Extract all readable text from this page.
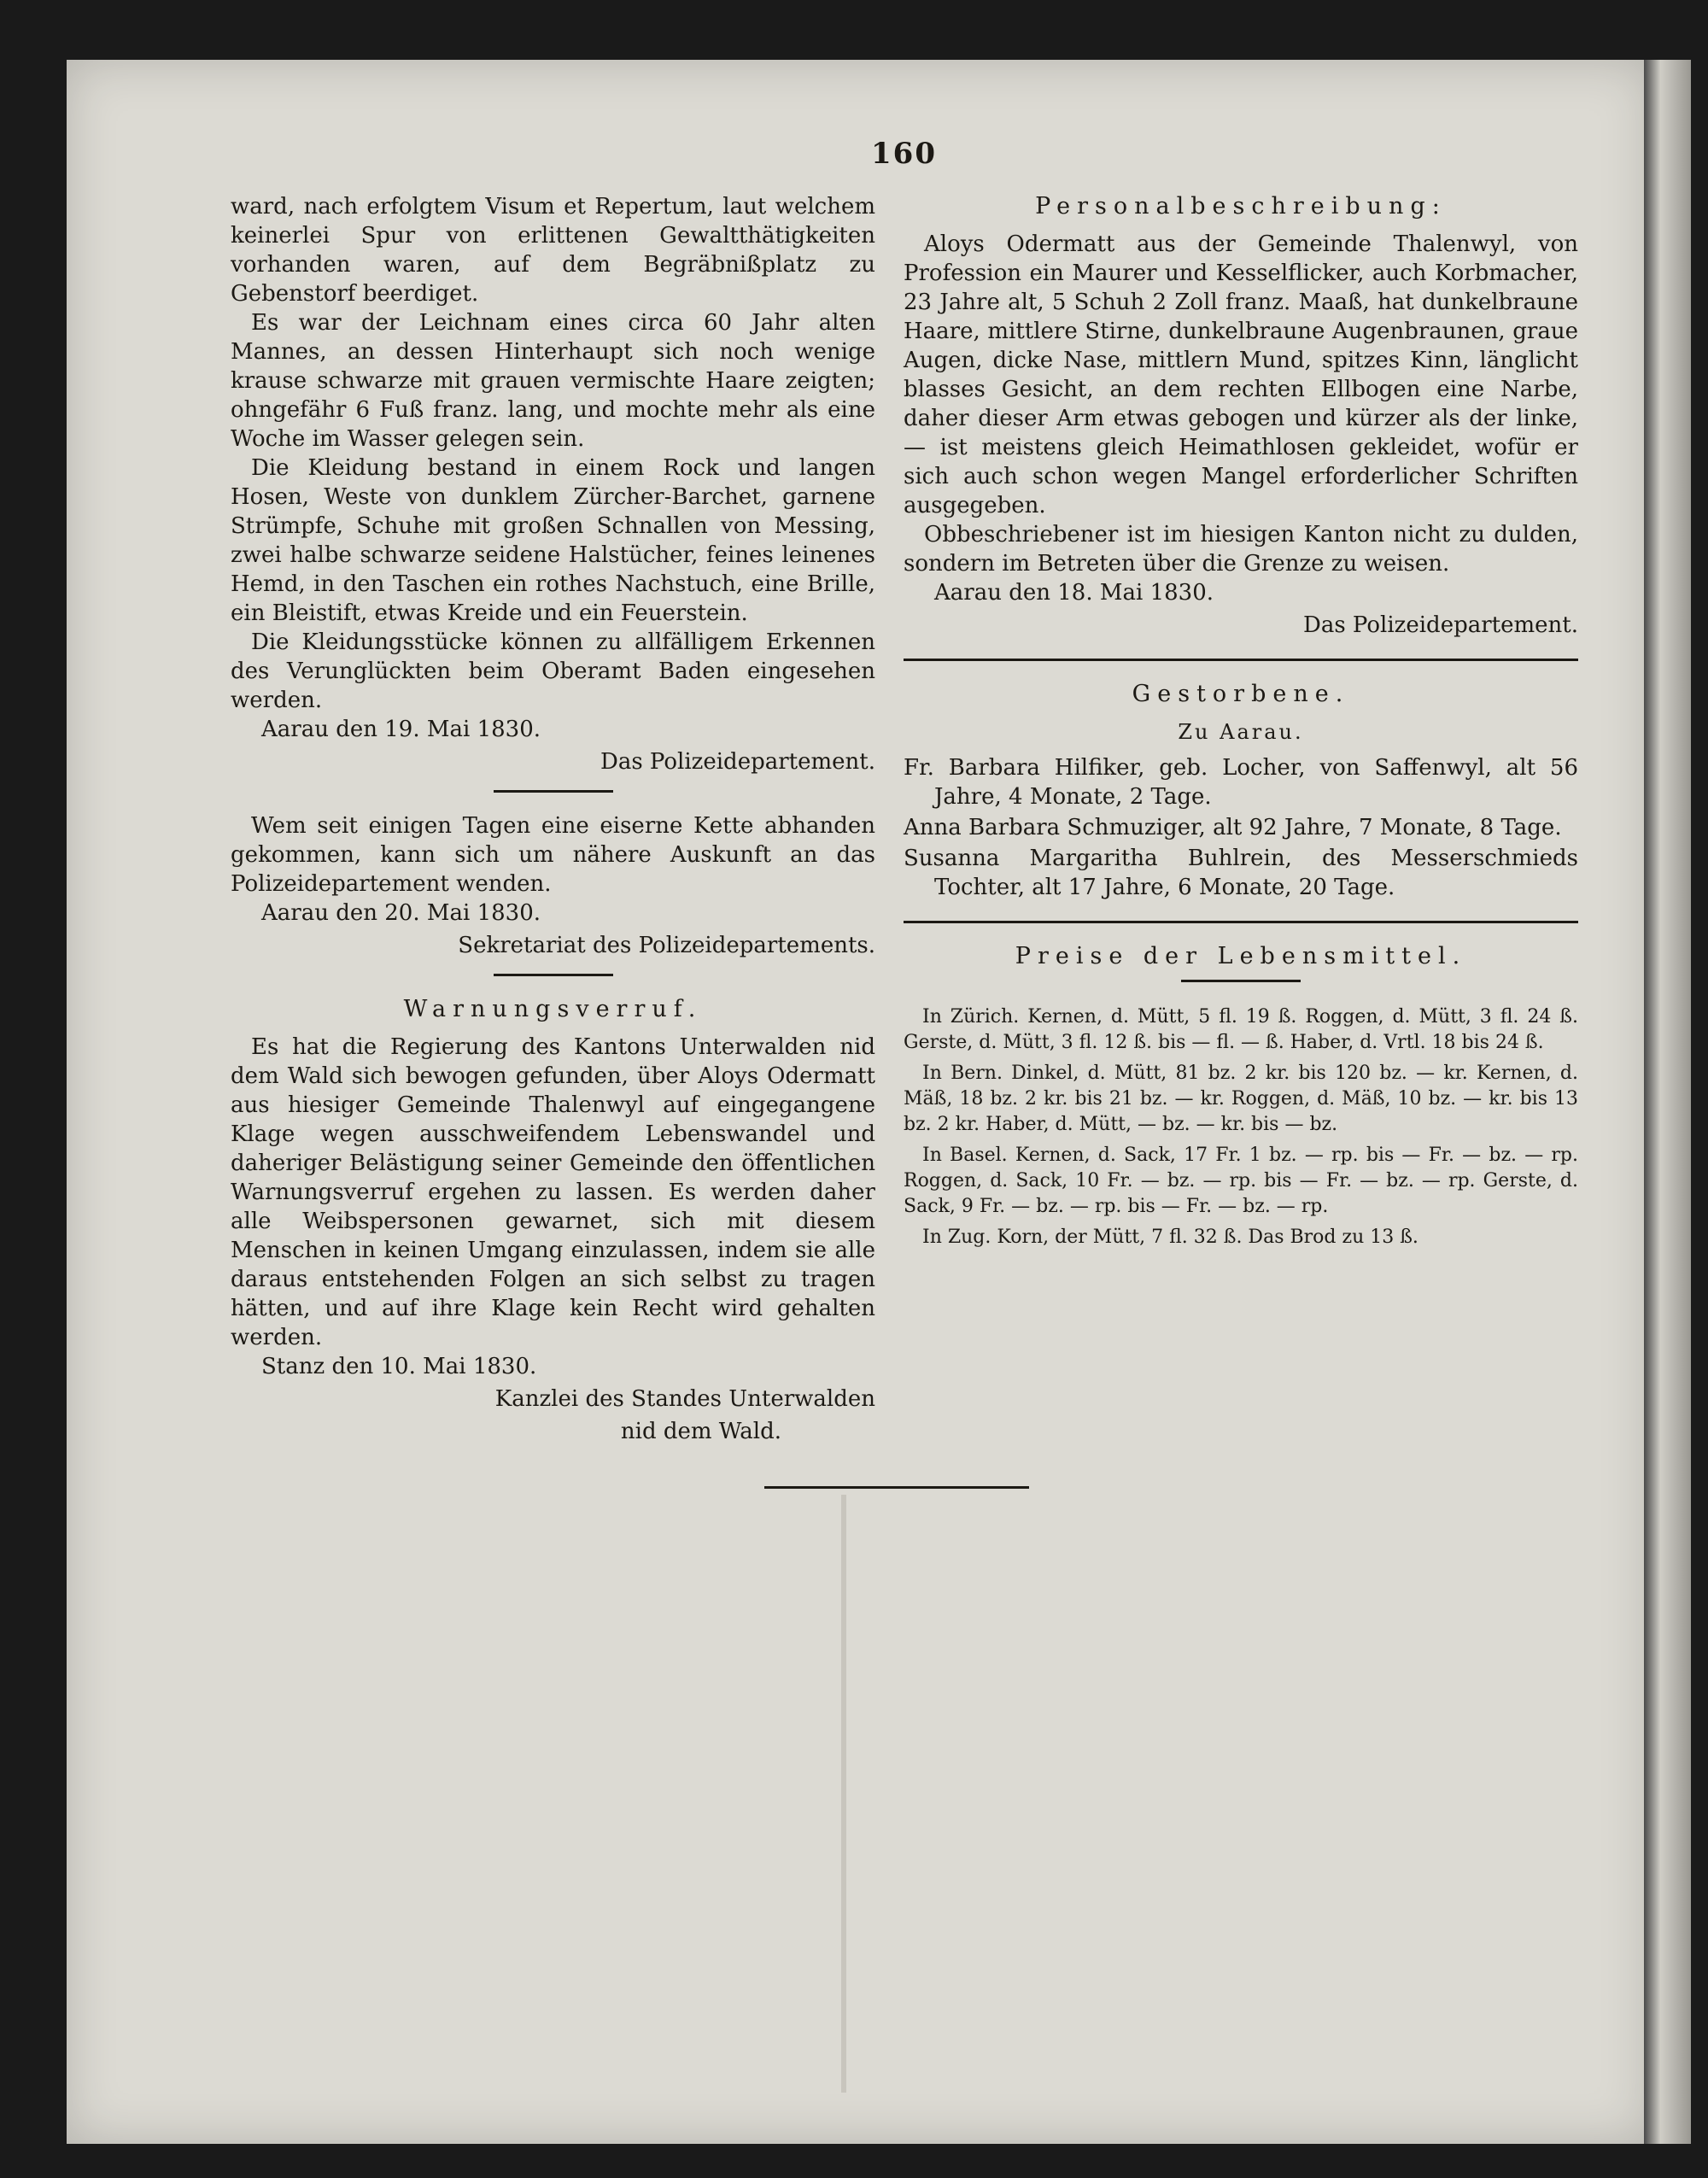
160

ward, nach erfolgtem Visum et Repertum, laut welchem keinerlei Spur von erlittenen Gewaltthätigkeiten vorhanden waren, auf dem Begräbnißplatz zu Gebenstorf beerdiget.

Es war der Leichnam eines circa 60 Jahr alten Mannes, an dessen Hinterhaupt sich noch wenige krause schwarze mit grauen vermischte Haare zeigten; ohngefähr 6 Fuß franz. lang, und mochte mehr als eine Woche im Wasser gelegen sein.

Die Kleidung bestand in einem Rock und langen Hosen, Weste von dunklem Zürcher-Barchet, garnene Strümpfe, Schuhe mit großen Schnallen von Messing, zwei halbe schwarze seidene Halstücher, feines leinenes Hemd, in den Taschen ein rothes Nachstuch, eine Brille, ein Bleistift, etwas Kreide und ein Feuerstein.

Die Kleidungsstücke können zu allfälligem Erkennen des Verunglückten beim Oberamt Baden eingesehen werden.

Aarau den 19. Mai 1830.

Das Polizeidepartement.

Wem seit einigen Tagen eine eiserne Kette abhanden gekommen, kann sich um nähere Auskunft an das Polizeidepartement wenden.

Aarau den 20. Mai 1830.

Sekretariat des Polizeidepartements.

Warnungsverruf.

Es hat die Regierung des Kantons Unterwalden nid dem Wald sich bewogen gefunden, über Aloys Odermatt aus hiesiger Gemeinde Thalenwyl auf eingegangene Klage wegen ausschweifendem Lebenswandel und daheriger Belästigung seiner Gemeinde den öffentlichen Warnungsverruf ergehen zu lassen. Es werden daher alle Weibspersonen gewarnet, sich mit diesem Menschen in keinen Umgang einzulassen, indem sie alle daraus entstehenden Folgen an sich selbst zu tragen hätten, und auf ihre Klage kein Recht wird gehalten werden.

Stanz den 10. Mai 1830.

Kanzlei des Standes Unterwalden

nid dem Wald.

Personalbeschreibung:

Aloys Odermatt aus der Gemeinde Thalenwyl, von Profession ein Maurer und Kesselflicker, auch Korbmacher, 23 Jahre alt, 5 Schuh 2 Zoll franz. Maaß, hat dunkelbraune Haare, mittlere Stirne, dunkelbraune Augenbraunen, graue Augen, dicke Nase, mittlern Mund, spitzes Kinn, länglicht blasses Gesicht, an dem rechten Ellbogen eine Narbe, daher dieser Arm etwas gebogen und kürzer als der linke, — ist meistens gleich Heimathlosen gekleidet, wofür er sich auch schon wegen Mangel erforderlicher Schriften ausgegeben.

Obbeschriebener ist im hiesigen Kanton nicht zu dulden, sondern im Betreten über die Grenze zu weisen.

Aarau den 18. Mai 1830.

Das Polizeidepartement.

Gestorbene.
Zu Aarau.

Fr. Barbara Hilfiker, geb. Locher, von Saffenwyl, alt 56 Jahre, 4 Monate, 2 Tage.

Anna Barbara Schmuziger, alt 92 Jahre, 7 Monate, 8 Tage.

Susanna Margaritha Buhlrein, des Messerschmieds Tochter, alt 17 Jahre, 6 Monate, 20 Tage.

Preise der Lebensmittel.

In Zürich. Kernen, d. Mütt, 5 fl. 19 ß. Roggen, d. Mütt, 3 fl. 24 ß. Gerste, d. Mütt, 3 fl. 12 ß. bis — fl. — ß. Haber, d. Vrtl. 18 bis 24 ß.

In Bern. Dinkel, d. Mütt, 81 bz. 2 kr. bis 120 bz. — kr. Kernen, d. Mäß, 18 bz. 2 kr. bis 21 bz. — kr. Roggen, d. Mäß, 10 bz. — kr. bis 13 bz. 2 kr. Haber, d. Mütt, — bz. — kr. bis — bz.

In Basel. Kernen, d. Sack, 17 Fr. 1 bz. — rp. bis — Fr. — bz. — rp. Roggen, d. Sack, 10 Fr. — bz. — rp. bis — Fr. — bz. — rp. Gerste, d. Sack, 9 Fr. — bz. — rp. bis — Fr. — bz. — rp.

In Zug. Korn, der Mütt, 7 fl. 32 ß. Das Brod zu 13 ß.
